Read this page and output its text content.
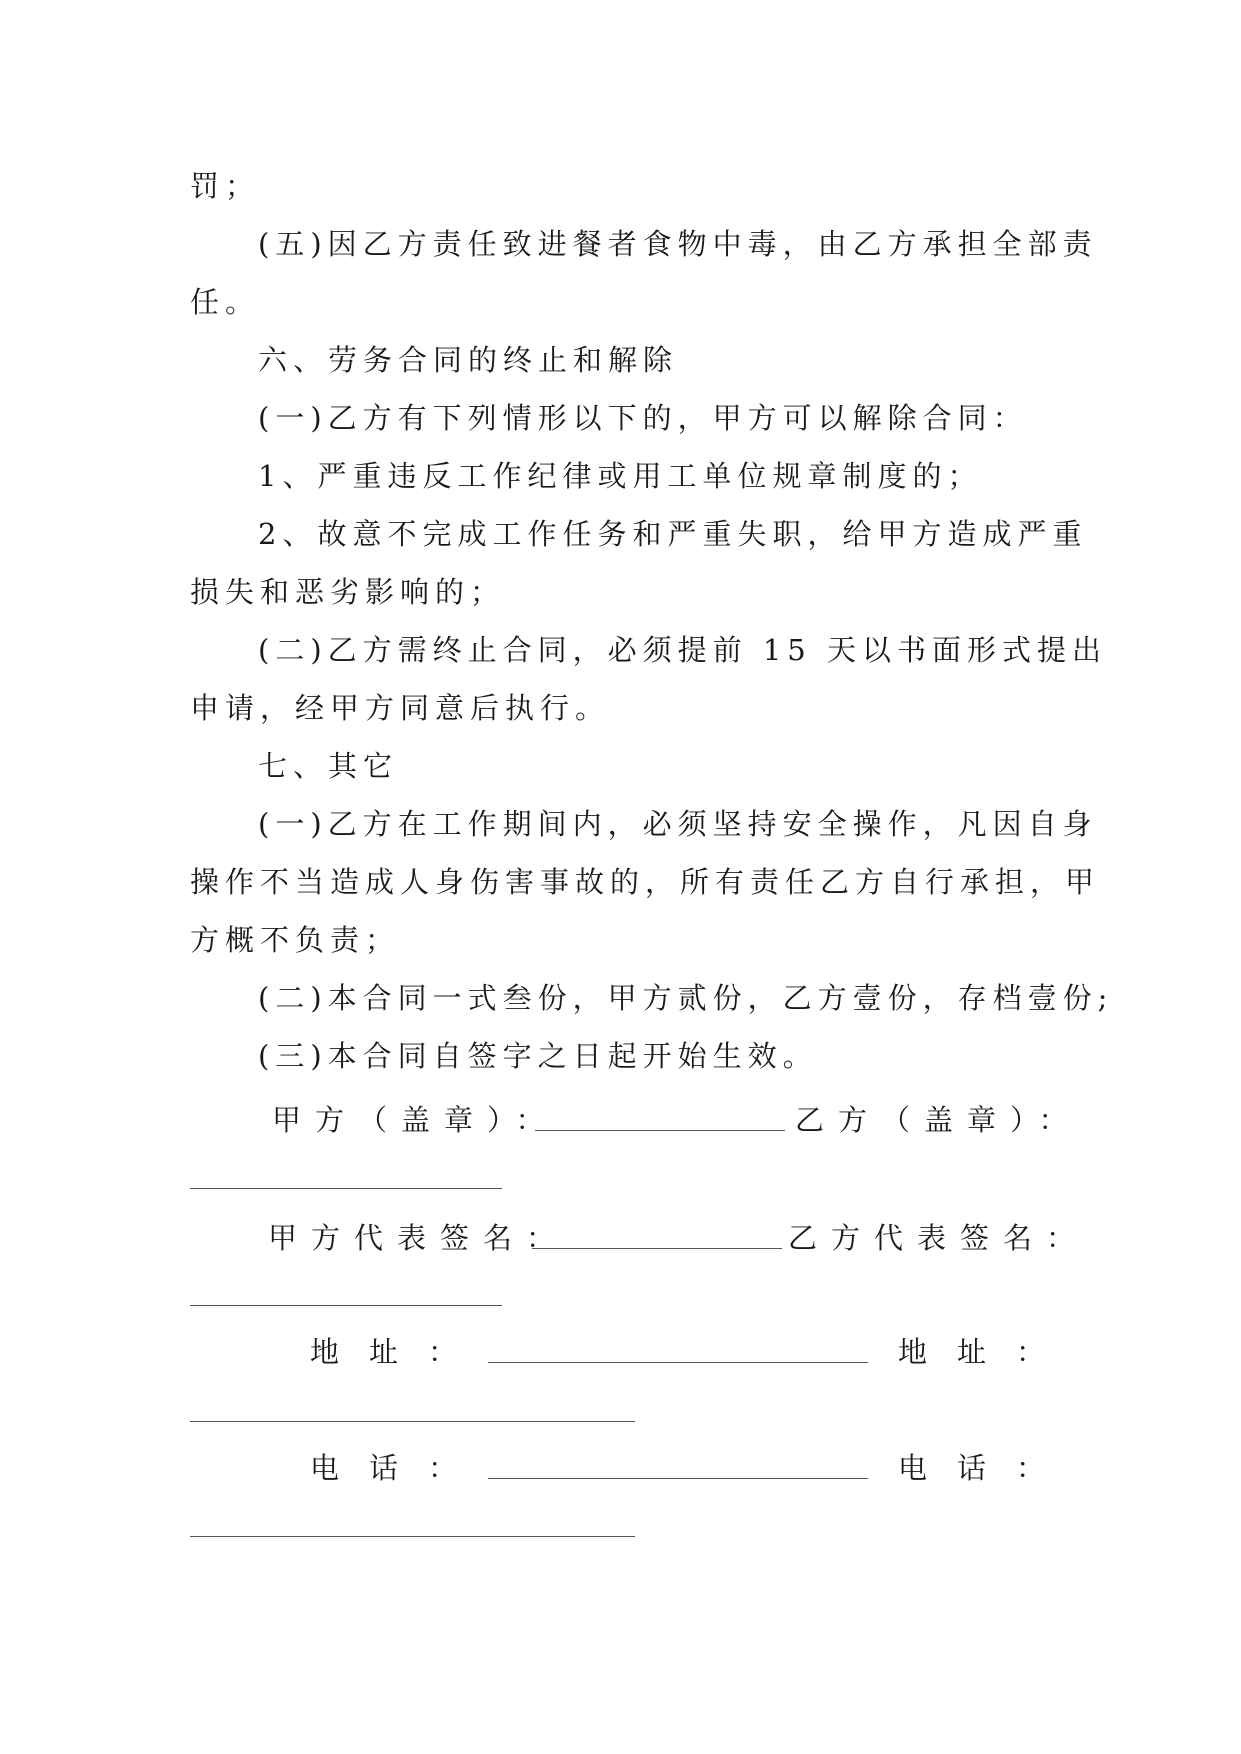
罚；
(五)因乙方责任致进餐者食物中毒，由乙方承担全部责
任。
六、劳务合同的终止和解除
(一)乙方有下列情形以下的，甲方可以解除合同：
1、严重违反工作纪律或用工单位规章制度的；
2、故意不完成工作任务和严重失职，给甲方造成严重
损失和恶劣影响的；
(二)乙方需终止合同，必须提前 15 天以书面形式提出
申请，经甲方同意后执行。
七、其它
(一)乙方在工作期间内，必须坚持安全操作，凡因自身
操作不当造成人身伤害事故的，所有责任乙方自行承担，甲
方概不负责；
(二)本合同一式叁份，甲方贰份，乙方壹份，存档壹份;
(三)本合同自签字之日起开始生效。
甲方（盖章）：	乙方（盖章）：
甲方代表签名：	乙方代表签名：
地址：	地址：
电话：	电话：
